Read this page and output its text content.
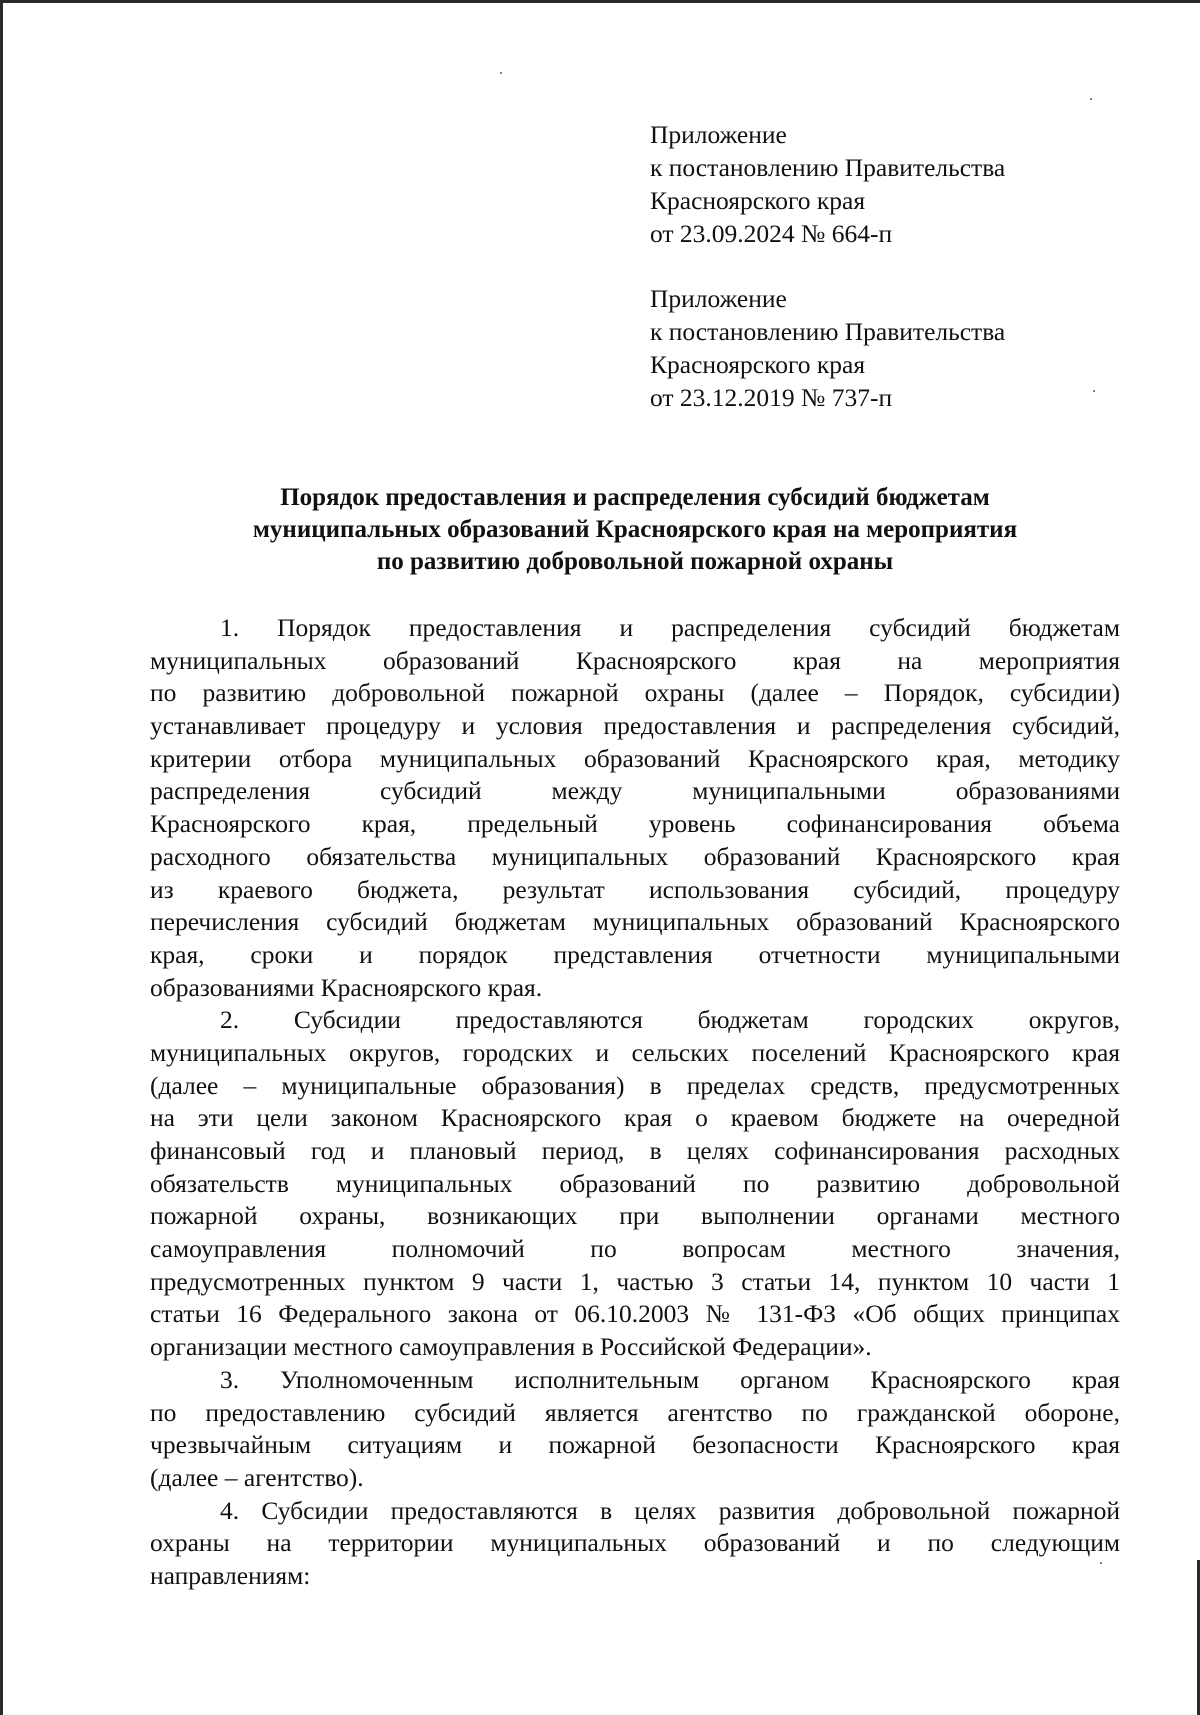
Приложение
к постановлению Правительства
Красноярского края
от 23.09.2024 № 664-п
Приложение
к постановлению Правительства
Красноярского края
от 23.12.2019 № 737-п
Порядок предоставления и распределения субсидий бюджетам
муниципальных образований Красноярского края на мероприятия
по развитию добровольной пожарной охраны
1. Порядок предоставления и распределения субсидий бюджетам
муниципальных образований Красноярского края на мероприятия
по развитию добровольной пожарной охраны (далее – Порядок, субсидии)
устанавливает процедуру и условия предоставления и распределения субсидий,
критерии отбора муниципальных образований Красноярского края, методику
распределения субсидий между муниципальными образованиями
Красноярского края, предельный уровень софинансирования объема
расходного обязательства муниципальных образований Красноярского края
из краевого бюджета, результат использования субсидий, процедуру
перечисления субсидий бюджетам муниципальных образований Красноярского
края, сроки и порядок представления отчетности муниципальными
образованиями Красноярского края.
2. Субсидии предоставляются бюджетам городских округов,
муниципальных округов, городских и сельских поселений Красноярского края
(далее – муниципальные образования) в пределах средств, предусмотренных
на эти цели законом Красноярского края о краевом бюджете на очередной
финансовый год и плановый период, в целях софинансирования расходных
обязательств муниципальных образований по развитию добровольной
пожарной охраны, возникающих при выполнении органами местного
самоуправления полномочий по вопросам местного значения,
предусмотренных пунктом 9 части 1, частью 3 статьи 14, пунктом 10 части 1
статьи 16 Федерального закона от 06.10.2003 № 131-ФЗ «Об общих принципах
организации местного самоуправления в Российской Федерации».
3. Уполномоченным исполнительным органом Красноярского края
по предоставлению субсидий является агентство по гражданской обороне,
чрезвычайным ситуациям и пожарной безопасности Красноярского края
(далее – агентство).
4. Субсидии предоставляются в целях развития добровольной пожарной
охраны на территории муниципальных образований и по следующим
направлениям:
